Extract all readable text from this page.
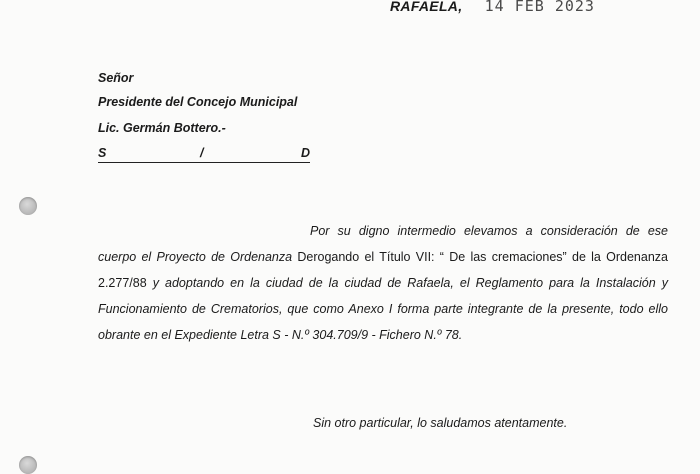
RAFAELA, 14 FEB 2023
Señor
Presidente del Concejo Municipal
Lic. Germán Bottero.-
S	/	D
Por su digno intermedio elevamos a consideración de ese cuerpo el Proyecto de Ordenanza Derogando el Título VII: “ De las cremaciones” de la Ordenanza 2.277/88 y adoptando en la ciudad de la ciudad de Rafaela, el Reglamento para la Instalación y Funcionamiento de Crematorios, que como Anexo I forma parte integrante de la presente, todo ello obrante en el Expediente Letra S - N.º 304.709/9 - Fichero N.º 78.
Sin otro particular, lo saludamos atentamente.
